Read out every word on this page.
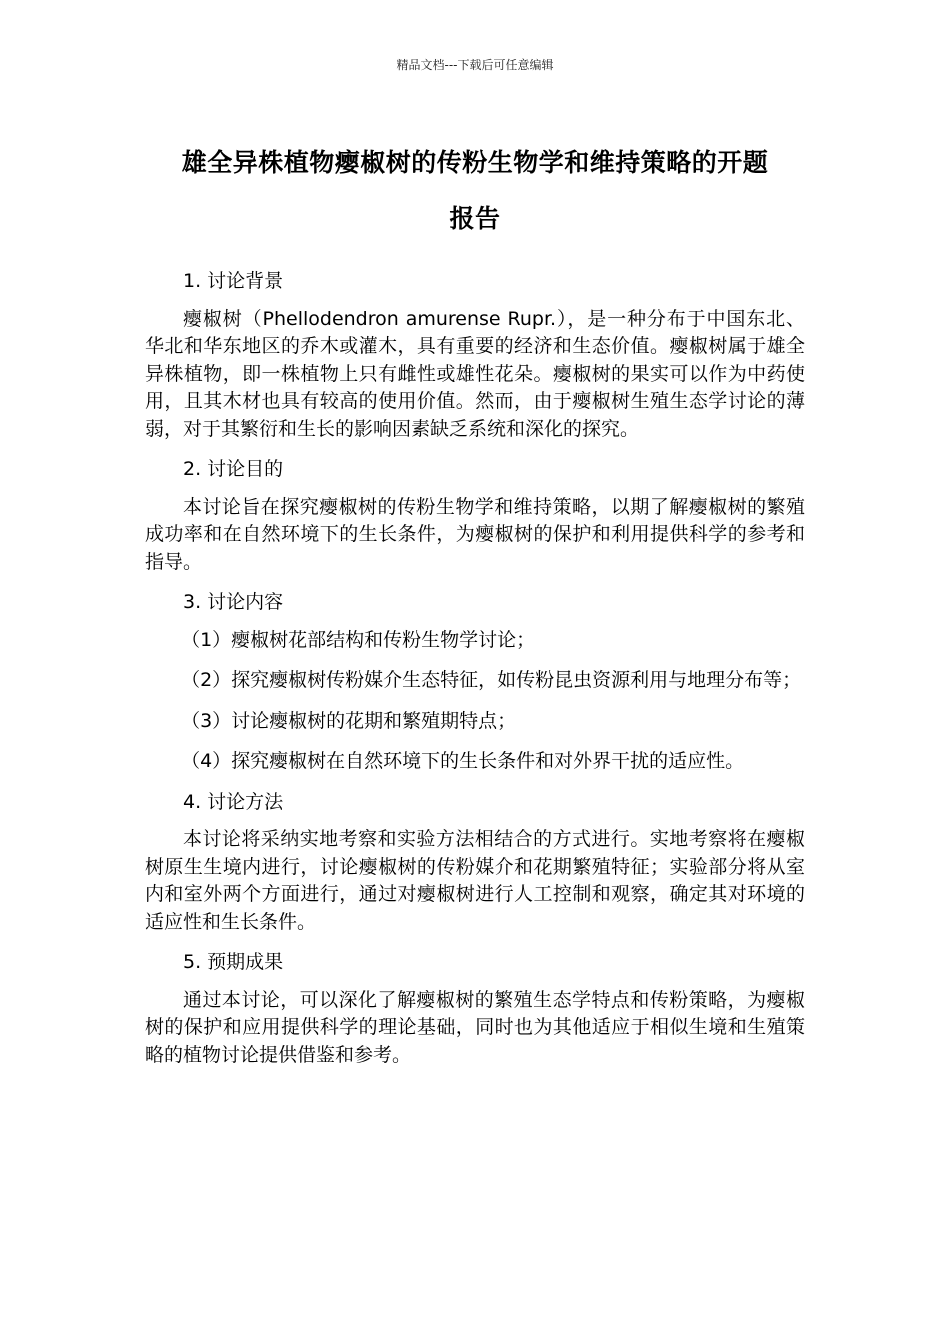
精品文档---下载后可任意编辑
雄全异株植物瘿椒树的传粉生物学和维持策略的开题
报告

1. 讨论背景

瘿椒树（Phellodendron amurense Rupr.），是一种分布于中国东北、华北和华东地区的乔木或灌木，具有重要的经济和生态价值。瘿椒树属于雄全异株植物，即一株植物上只有雌性或雄性花朵。瘿椒树的果实可以作为中药使用，且其木材也具有较高的使用价值。然而，由于瘿椒树生殖生态学讨论的薄弱，对于其繁衍和生长的影响因素缺乏系统和深化的探究。

2. 讨论目的

本讨论旨在探究瘿椒树的传粉生物学和维持策略，以期了解瘿椒树的繁殖成功率和在自然环境下的生长条件，为瘿椒树的保护和利用提供科学的参考和指导。

3. 讨论内容

（1）瘿椒树花部结构和传粉生物学讨论；

（2）探究瘿椒树传粉媒介生态特征，如传粉昆虫资源利用与地理分布等；

（3）讨论瘿椒树的花期和繁殖期特点；

（4）探究瘿椒树在自然环境下的生长条件和对外界干扰的适应性。

4. 讨论方法

本讨论将采纳实地考察和实验方法相结合的方式进行。实地考察将在瘿椒树原生生境内进行，讨论瘿椒树的传粉媒介和花期繁殖特征；实验部分将从室内和室外两个方面进行，通过对瘿椒树进行人工控制和观察，确定其对环境的适应性和生长条件。

5. 预期成果

通过本讨论，可以深化了解瘿椒树的繁殖生态学特点和传粉策略，为瘿椒树的保护和应用提供科学的理论基础，同时也为其他适应于相似生境和生殖策略的植物讨论提供借鉴和参考。
